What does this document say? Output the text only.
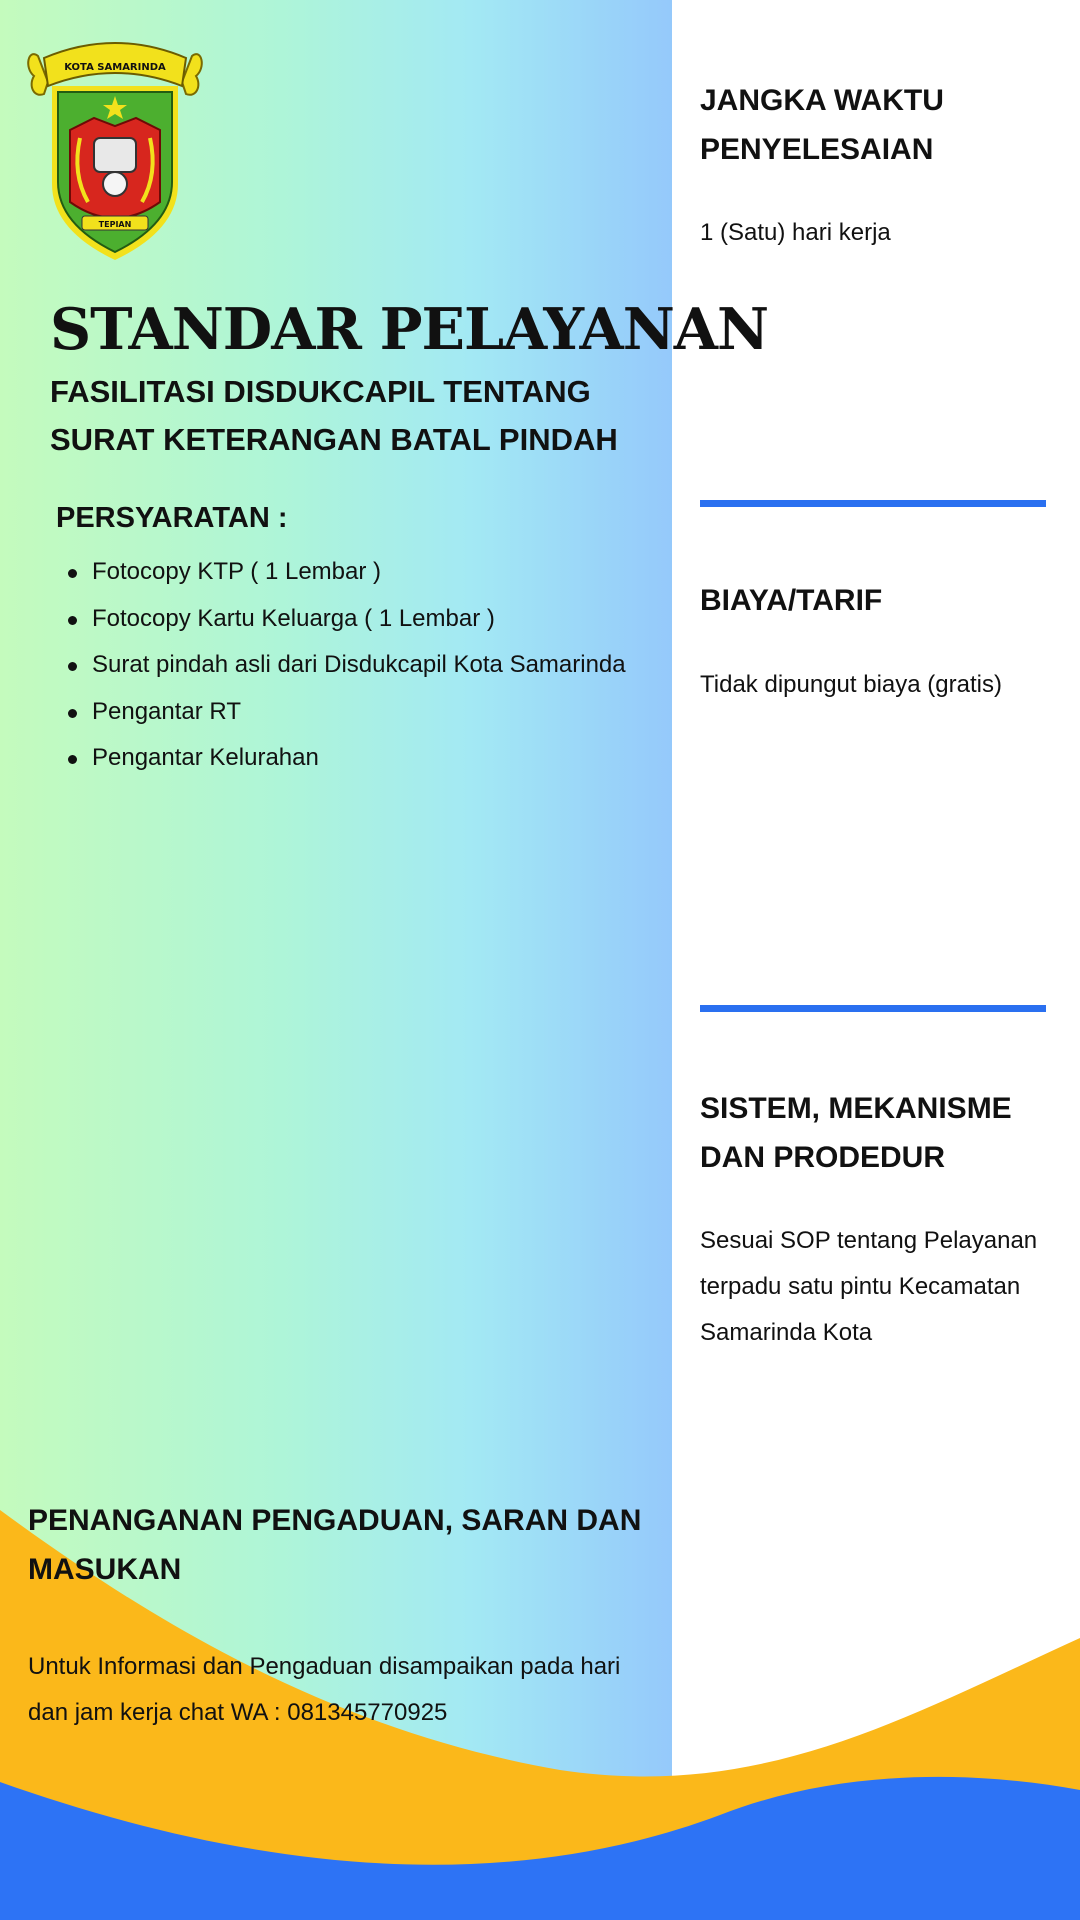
KOTA SAMARINDA
TEPIAN
STANDAR PELAYANAN

FASILITASI DISDUKCAPIL TENTANG SURAT KETERANGAN BATAL PINDAH

PERSYARATAN :

Fotocopy KTP ( 1 Lembar )
Fotocopy Kartu Keluarga ( 1 Lembar )
Surat pindah asli dari Disdukcapil Kota Samarinda
Pengantar RT
Pengantar Kelurahan

JANGKA WAKTU PENYELESAIAN

1 (Satu) hari kerja

BIAYA/TARIF

Tidak dipungut biaya (gratis)

SISTEM, MEKANISME DAN PRODEDUR

Sesuai SOP tentang Pelayanan terpadu satu pintu Kecamatan Samarinda Kota

PENANGANAN PENGADUAN, SARAN DAN MASUKAN

Untuk Informasi dan Pengaduan disampaikan pada hari dan jam kerja chat WA : 081345770925
